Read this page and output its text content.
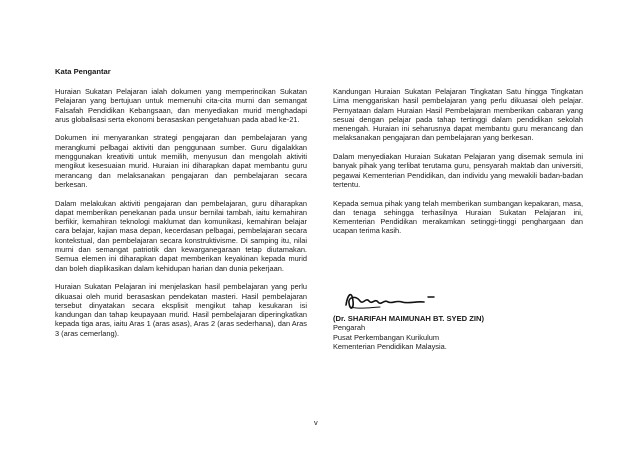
Kata Pengantar

Huraian Sukatan Pelajaran ialah dokumen yang memperincikan Sukatan Pelajaran yang bertujuan untuk memenuhi cita-cita murni dan semangat Falsafah Pendidikan Kebangsaan, dan menyediakan murid menghadapi arus globalisasi serta ekonomi berasaskan pengetahuan pada abad ke-21.

Dokumen ini menyarankan strategi pengajaran dan pembelajaran yang merangkumi pelbagai aktiviti dan penggunaan sumber. Guru digalakkan menggunakan kreativiti untuk memilih, menyusun dan mengolah aktiviti mengikut kesesuaian murid. Huraian ini diharapkan dapat membantu guru merancang dan melaksanakan pengajaran dan pembelajaran secara berkesan.

Dalam melakukan aktiviti pengajaran dan pembelajaran, guru diharapkan dapat memberikan penekanan pada unsur bernilai tambah, iaitu kemahiran berfikir, kemahiran teknologi maklumat dan komunikasi, kemahiran belajar cara belajar, kajian masa depan, kecerdasan pelbagai, pembelajaran secara kontekstual, dan pembelajaran secara konstruktivisme. Di samping itu, nilai murni dan semangat patriotik dan kewarganegaraan tetap diutamakan. Semua elemen ini diharapkan dapat memberikan keyakinan kepada murid dan boleh diaplikasikan dalam kehidupan harian dan dunia pekerjaan.

Huraian Sukatan Pelajaran ini menjelaskan hasil pembelajaran yang perlu dikuasai oleh murid berasaskan pendekatan masteri. Hasil pembelajaran tersebut dinyatakan secara eksplisit mengikut tahap kesukaran isi kandungan dan tahap keupayaan murid. Hasil pembelajaran diperingkatkan kepada tiga aras, iaitu Aras 1 (aras asas), Aras 2 (aras sederhana), dan Aras 3 (aras cemerlang).

Kandungan Huraian Sukatan Pelajaran Tingkatan Satu hingga Tingkatan Lima menggariskan hasil pembelajaran yang perlu dikuasai oleh pelajar. Pernyataan dalam Huraian Hasil Pembelajaran memberikan cabaran yang sesuai dengan pelajar pada tahap tertinggi dalam pendidikan sekolah menengah. Huraian ini seharusnya dapat membantu guru merancang dan melaksanakan pengajaran dan pembelajaran yang berkesan.

Dalam menyediakan Huraian Sukatan Pelajaran yang disemak semula ini banyak pihak yang terlibat terutama guru, pensyarah maktab dan universiti, pegawai Kementerian Pendidikan, dan individu yang mewakili badan-badan tertentu.

Kepada semua pihak yang telah memberikan sumbangan kepakaran, masa, dan tenaga sehingga terhasilnya Huraian Sukatan Pelajaran ini, Kementerian Pendidikan merakamkan setinggi-tinggi penghargaan dan ucapan terima kasih.

(Dr. SHARIFAH MAIMUNAH BT. SYED ZIN)
Pengarah
Pusat Perkembangan Kurikulum
Kementerian Pendidikan Malaysia.
v
